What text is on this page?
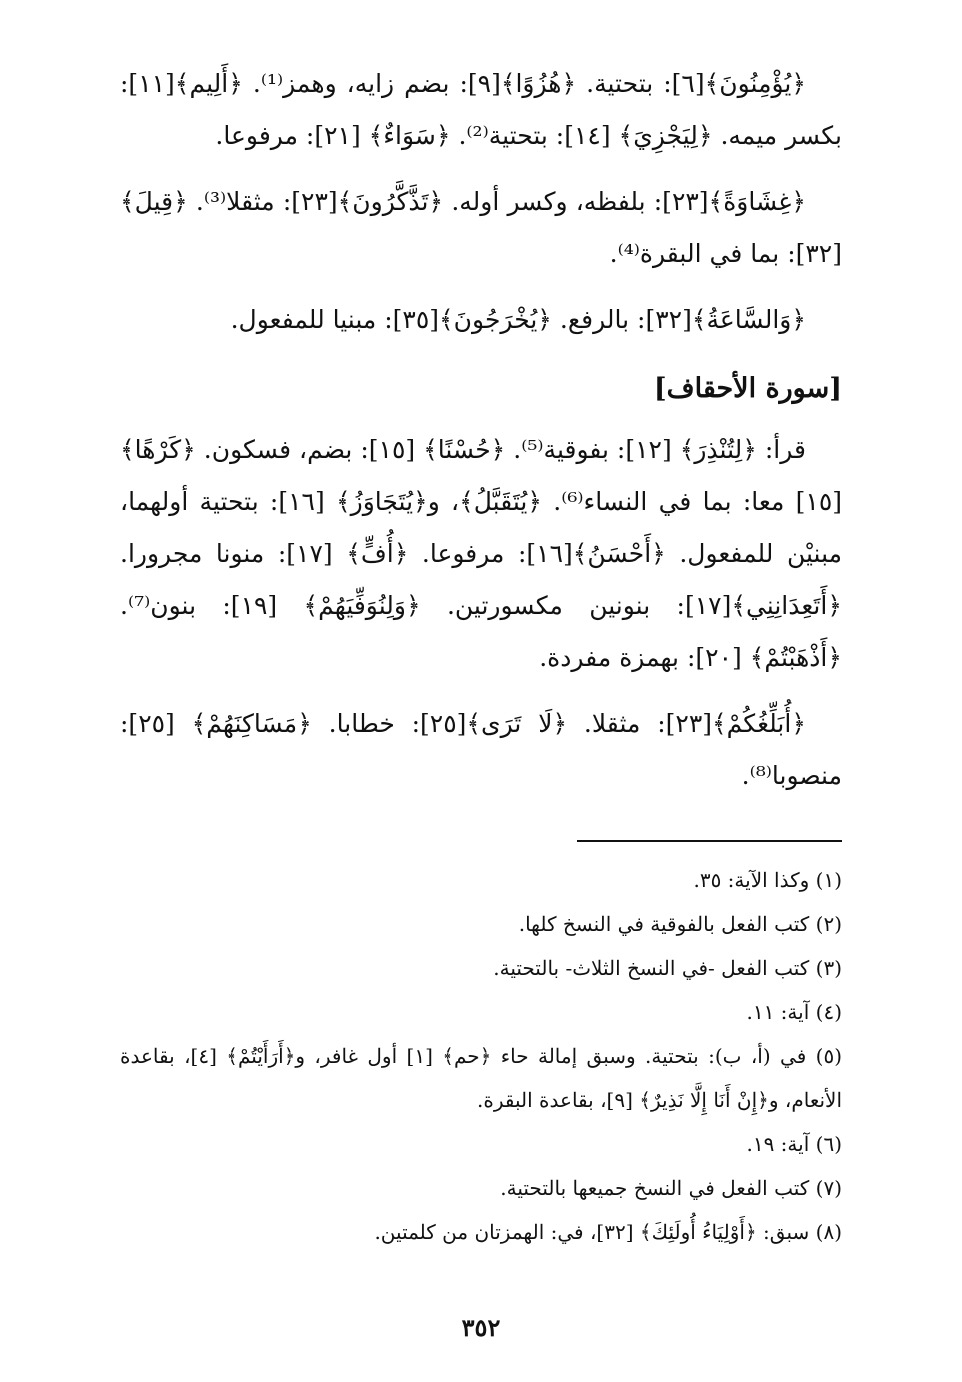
﴿يُؤْمِنُونَ﴾[٦]: بتحتية. ﴿هُزُوًا﴾[٩]: بضم زايه، وهمز⁽¹⁾. ﴿أَلِيم﴾[١١]: بكسر ميمه. ﴿لِيَجْزِيَ﴾ [١٤]: بتحتية⁽²⁾. ﴿سَوَاءٌ﴾ [٢١]: مرفوعا.

﴿غِشَاوَةً﴾[٢٣]: بلفظه، وكسر أوله. ﴿تَذَّكَّرُونَ﴾[٢٣]: مثقلا⁽³⁾. ﴿قِيلَ﴾[٣٢]: بما في البقرة⁽⁴⁾.

﴿وَالسَّاعَةُ﴾[٣٢]: بالرفع. ﴿يُخْرَجُونَ﴾[٣٥]: مبنيا للمفعول.

[سورة الأحقاف]

قرأ: ﴿لِتُنْذِرَ﴾ [١٢]: بفوقية⁽⁵⁾. ﴿حُسْنًا﴾ [١٥]: بضم، فسكون. ﴿كَرْهًا﴾ [١٥] معا: بما في النساء⁽⁶⁾. ﴿يُتَقَبَّلُ﴾، و﴿يُتَجَاوَزُ﴾ [١٦]: بتحتية أولهما، مبنيْن للمفعول. ﴿أَحْسَنُ﴾[١٦]: مرفوعا. ﴿أُفٍّ﴾ [١٧]: منونا مجرورا. ﴿أَتَعِدَانِنِي﴾[١٧]: بنونين مكسورتين. ﴿وَلِنُوَفِّيَهُمْ﴾ [١٩]: بنون⁽⁷⁾. ﴿أَذْهَبْتُمْ﴾ [٢٠]: بهمزة مفردة.

﴿أُبَلِّغُكُمْ﴾[٢٣]: مثقلا. ﴿لَا تَرَى﴾[٢٥]: خطابا. ﴿مَسَاكِنَهُمْ﴾ [٢٥]: منصوبا⁽⁸⁾.

(١) وكذا الآية: ٣٥.
(٢) كتب الفعل بالفوقية في النسخ كلها.
(٣) كتب الفعل -في النسخ الثلاث- بالتحتية.
(٤) آية: ١١.
(٥) في (أ، ب): بتحتية. وسبق إمالة حاء ﴿حم﴾ [١] أول غافر، و﴿أَرَأَيْتُمْ﴾ [٤]، بقاعدة الأنعام، و﴿إِنْ أَنَا إِلَّا نَذِيرٌ﴾ [٩]، بقاعدة البقرة.
(٦) آية: ١٩.
(٧) كتب الفعل في النسخ جميعها بالتحتية.
(٨) سبق: ﴿أَوْلِيَاءُ أُولَئِكَ﴾ [٣٢]، في: الهمزتان من كلمتين.
٣٥٢
